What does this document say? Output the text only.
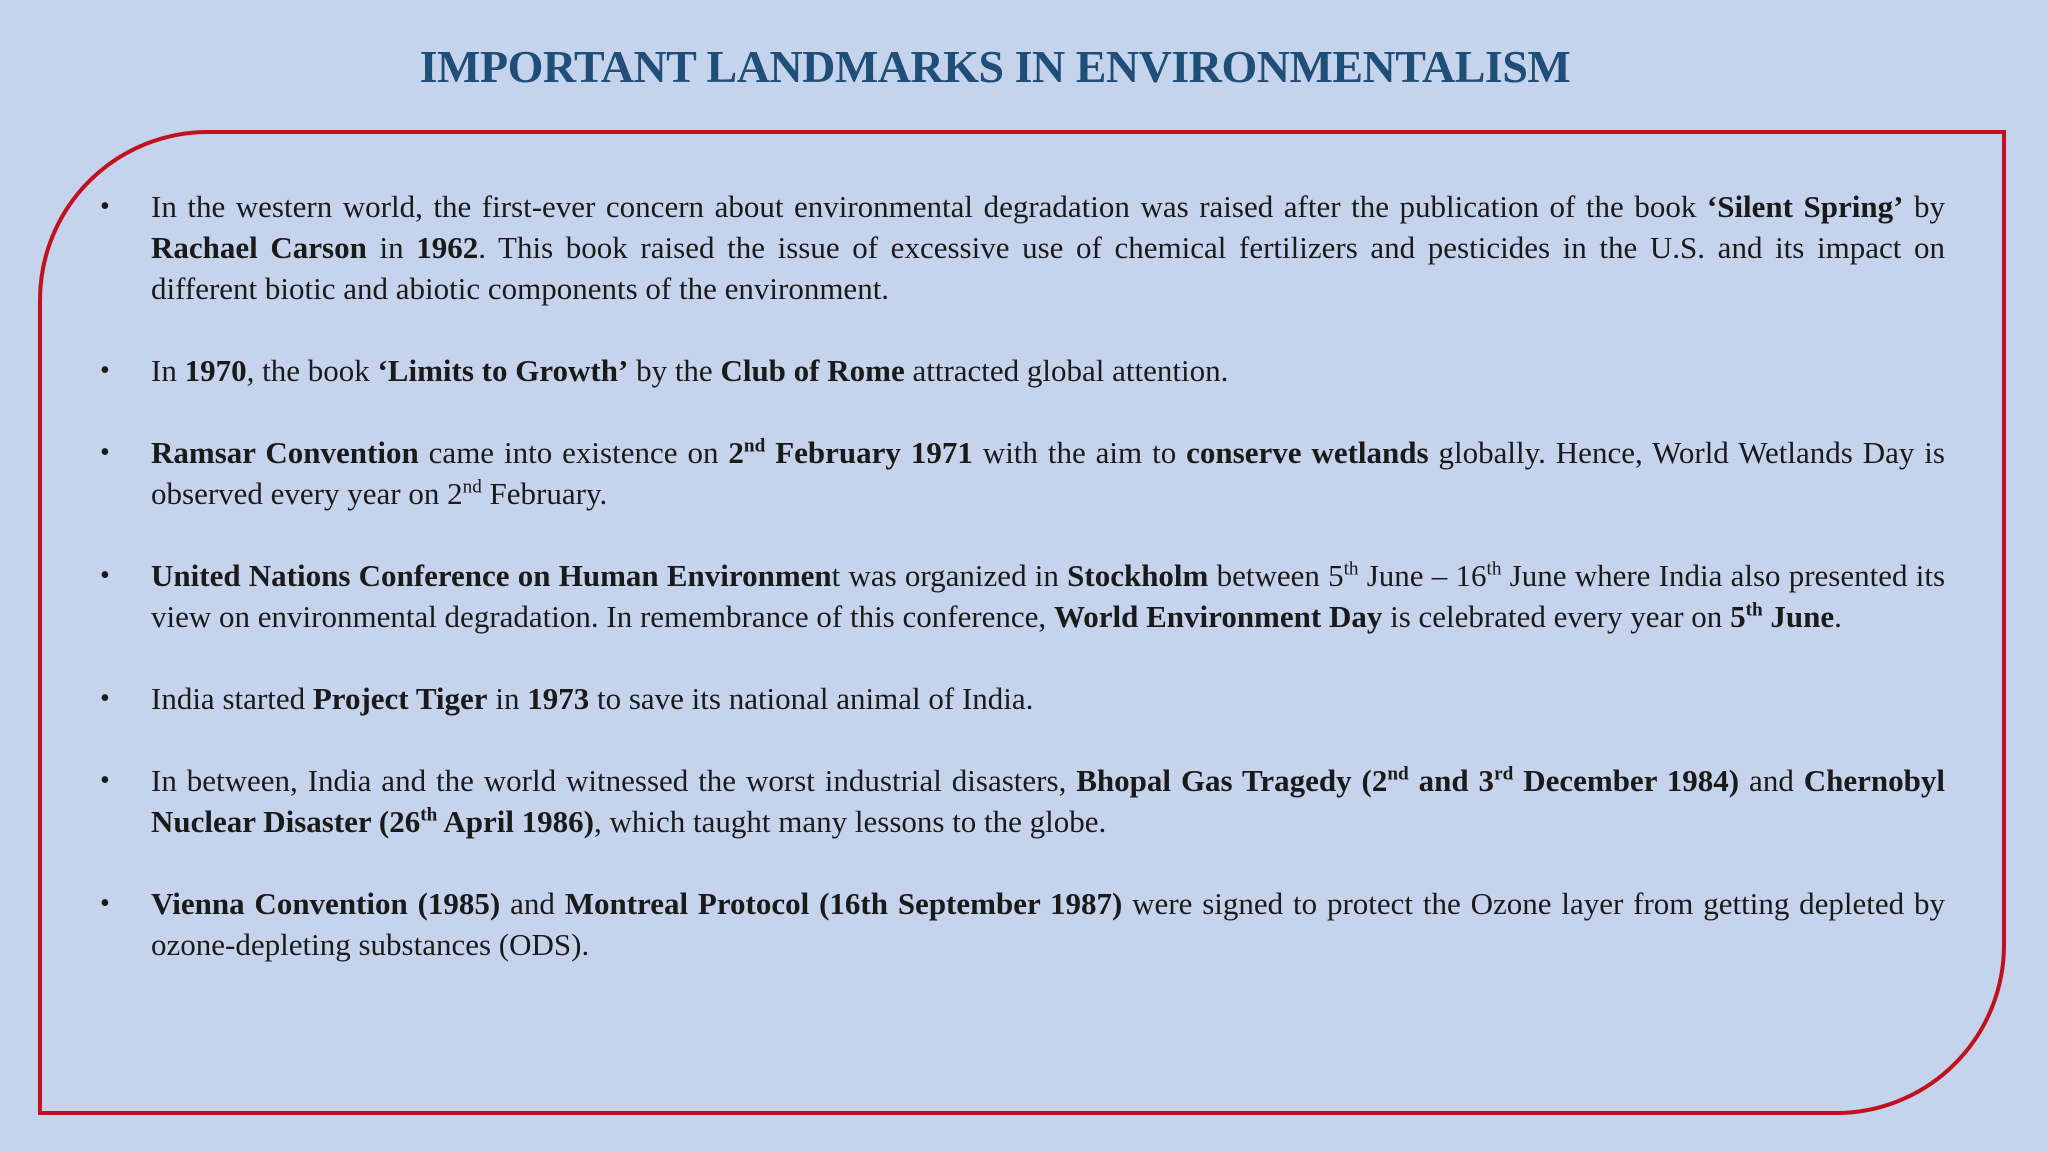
IMPORTANT LANDMARKS IN ENVIRONMENTALISM
• In the western world, the first-ever concern about environmental degradation was raised after the publication of the book ‘Silent Spring’ by Rachael Carson in 1962. This book raised the issue of excessive use of chemical fertilizers and pesticides in the U.S. and its impact on different biotic and abiotic components of the environment.
• In 1970, the book ‘Limits to Growth’ by the Club of Rome attracted global attention.
• Ramsar Convention came into existence on 2nd February 1971 with the aim to conserve wetlands globally. Hence, World Wetlands Day is observed every year on 2nd February.
• United Nations Conference on Human Environment was organized in Stockholm between 5th June – 16th June where India also presented its view on environmental degradation. In remembrance of this conference, World Environment Day is celebrated every year on 5th June.
• India started Project Tiger in 1973 to save its national animal of India.
• In between, India and the world witnessed the worst industrial disasters, Bhopal Gas Tragedy (2nd and 3rd December 1984) and Chernobyl Nuclear Disaster (26th April 1986), which taught many lessons to the globe.
• Vienna Convention (1985) and Montreal Protocol (16th September 1987) were signed to protect the Ozone layer from getting depleted by ozone-depleting substances (ODS).
